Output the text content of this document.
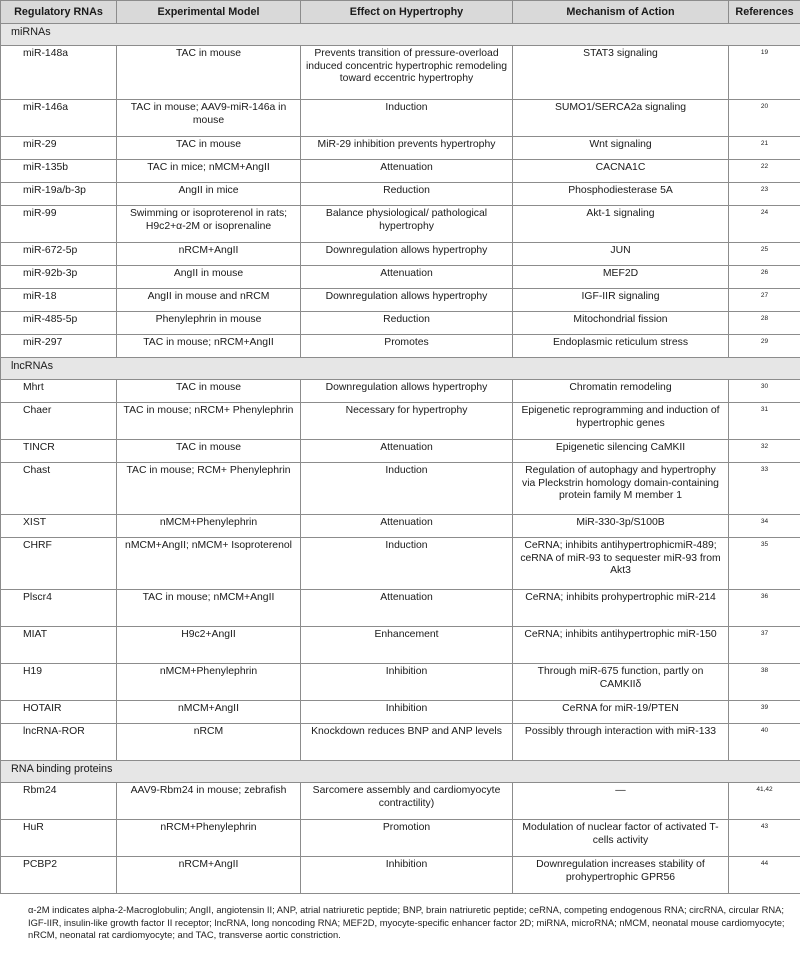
Regulatory RNAs	Experimental Model	Effect on Hypertrophy	Mechanism of Action	References
miRNAs				
miR-148a	TAC in mouse	Prevents transition of pressure-overload induced concentric hypertrophic remodeling toward eccentric hypertrophy	STAT3 signaling	19
miR-146a	TAC in mouse; AAV9-miR-146a in mouse	Induction	SUMO1/SERCA2a signaling	20
miR-29	TAC in mouse	MiR-29 inhibition prevents hypertrophy	Wnt signaling	21
miR-135b	TAC in mice; nMCM+AngII	Attenuation	CACNA1C	22
miR-19a/b-3p	AngII in mice	Reduction	Phosphodiesterase 5A	23
miR-99	Swimming or isoproterenol in rats; H9c2+α-2M or isoprenaline	Balance physiological/ pathological hypertrophy	Akt-1 signaling	24
miR-672-5p	nRCM+AngII	Downregulation allows hypertrophy	JUN	25
miR-92b-3p	AngII in mouse	Attenuation	MEF2D	26
miR-18	AngII in mouse and nRCM	Downregulation allows hypertrophy	IGF-IIR signaling	27
miR-485-5p	Phenylephrin in mouse	Reduction	Mitochondrial fission	28
miR-297	TAC in mouse; nRCM+AngII	Promotes	Endoplasmic reticulum stress	29
lncRNAs				
Mhrt	TAC in mouse	Downregulation allows hypertrophy	Chromatin remodeling	30
Chaer	TAC in mouse; nRCM+ Phenylephrin	Necessary for hypertrophy	Epigenetic reprogramming and induction of hypertrophic genes	31
TINCR	TAC in mouse	Attenuation	Epigenetic silencing CaMKII	32
Chast	TAC in mouse; RCM+ Phenylephrin	Induction	Regulation of autophagy and hypertrophy via Pleckstrin homology domain-containing protein family M member 1	33
XIST	nMCM+Phenylephrin	Attenuation	MiR-330-3p/S100B	34
CHRF	nMCM+AngII; nMCM+ Isoproterenol	Induction	CeRNA; inhibits antihypertrophicmiR-489; ceRNA of miR-93 to sequester miR-93 from Akt3	35
Plscr4	TAC in mouse; nMCM+AngII	Attenuation	CeRNA; inhibits prohypertrophic miR-214	36
MIAT	H9c2+AngII	Enhancement	CeRNA; inhibits antihypertrophic miR-150	37
H19	nMCM+Phenylephrin	Inhibition	Through miR-675 function, partly on CAMKIIδ	38
HOTAIR	nMCM+AngII	Inhibition	CeRNA for miR-19/PTEN	39
lncRNA-ROR	nRCM	Knockdown reduces BNP and ANP levels	Possibly through interaction with miR-133	40
RNA binding proteins				
Rbm24	AAV9-Rbm24 in mouse; zebrafish	Sarcomere assembly and cardiomyocyte contractility)	—	41,42
HuR	nRCM+Phenylephrin	Promotion	Modulation of nuclear factor of activated T-cells activity	43
PCBP2	nRCM+AngII	Inhibition	Downregulation increases stability of prohypertrophic GPR56	44
α-2M indicates alpha-2-Macroglobulin; AngII, angiotensin II; ANP, atrial natriuretic peptide; BNP, brain natriuretic peptide; ceRNA, competing endogenous RNA; circRNA, circular RNA; IGF-IIR, insulin-like growth factor II receptor; lncRNA, long noncoding RNA; MEF2D, myocyte-specific enhancer factor 2D; miRNA, microRNA; nMCM, neonatal mouse cardiomyocyte; nRCM, neonatal rat cardiomyocyte; and TAC, transverse aortic constriction.
